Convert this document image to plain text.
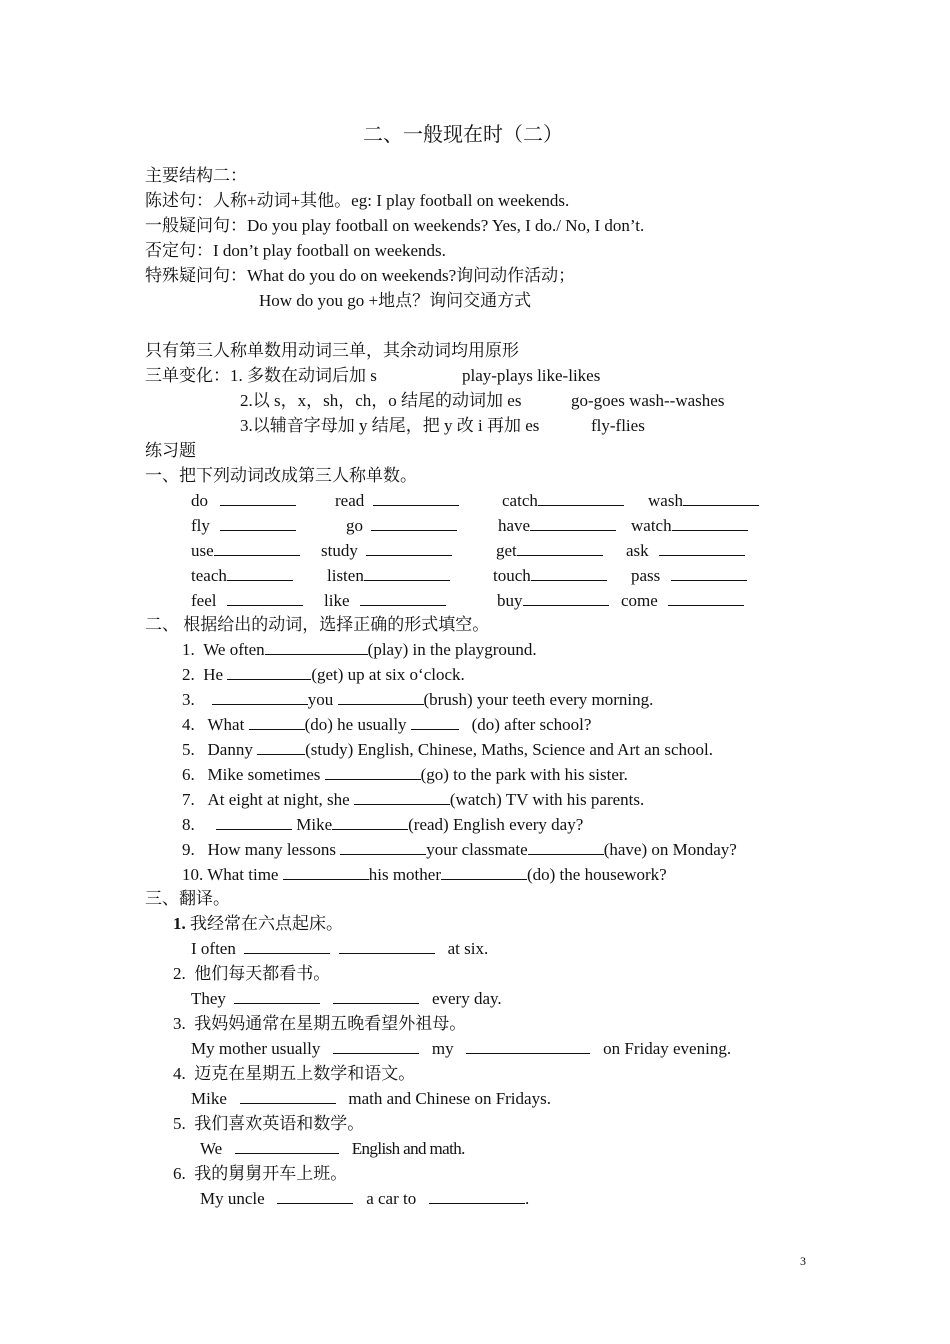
二、一般现在时（二）
主要结构二：
陈述句：人称+动词+其他。eg: I play football on weekends.
一般疑问句：Do you play football on weekends? Yes, I do./ No, I don’t.
否定句：I don’t play football on weekends.
特殊疑问句：What do you do on weekends?询问动作活动；
How do you go +地点？询问交通方式
只有第三人称单数用动词三单，其余动词均用原形
三单变化：1. 多数在动词后加 s	play-plays like-likes
2.以 s，x，sh，ch，o 结尾的动词加 es	go-goes wash--washes
3.以辅音字母加 y 结尾，把 y 改 i 再加 es	fly-flies
练习题
一、把下列动词改成第三人称单数。
do	read	catch	wash
fly	go	have	watch
use	study	get	ask
teach	listen	touch	pass
feel	like	buy	come
二、 根据给出的动词，选择正确的形式填空。
1. We often	(play) in the playground.
2. He	(get) up at six o‘clock.
3.	you	(brush) your teeth every morning.
4. What	(do) he usually	(do) after school?
5. Danny	(study) English, Chinese, Maths, Science and Art an school.
6. Mike sometimes	(go) to the park with his sister.
7. At eight at night, she	(watch) TV with his parents.
8.	Mike	(read) English every day?
9. How many lessons	your classmate	(have) on Monday?
10. What time	his mother	(do) the housework?
三、翻译。
1. 我经常在六点起床。
I often	at six.
2. 他们每天都看书。
They	every day.
3. 我妈妈通常在星期五晚看望外祖母。
My mother usually	my	on Friday evening.
4. 迈克在星期五上数学和语文。
Mike	math and Chinese on Fridays.
5. 我们喜欢英语和数学。
We	English and math.
6. 我的舅舅开车上班。
My uncle	a car to	.
3
